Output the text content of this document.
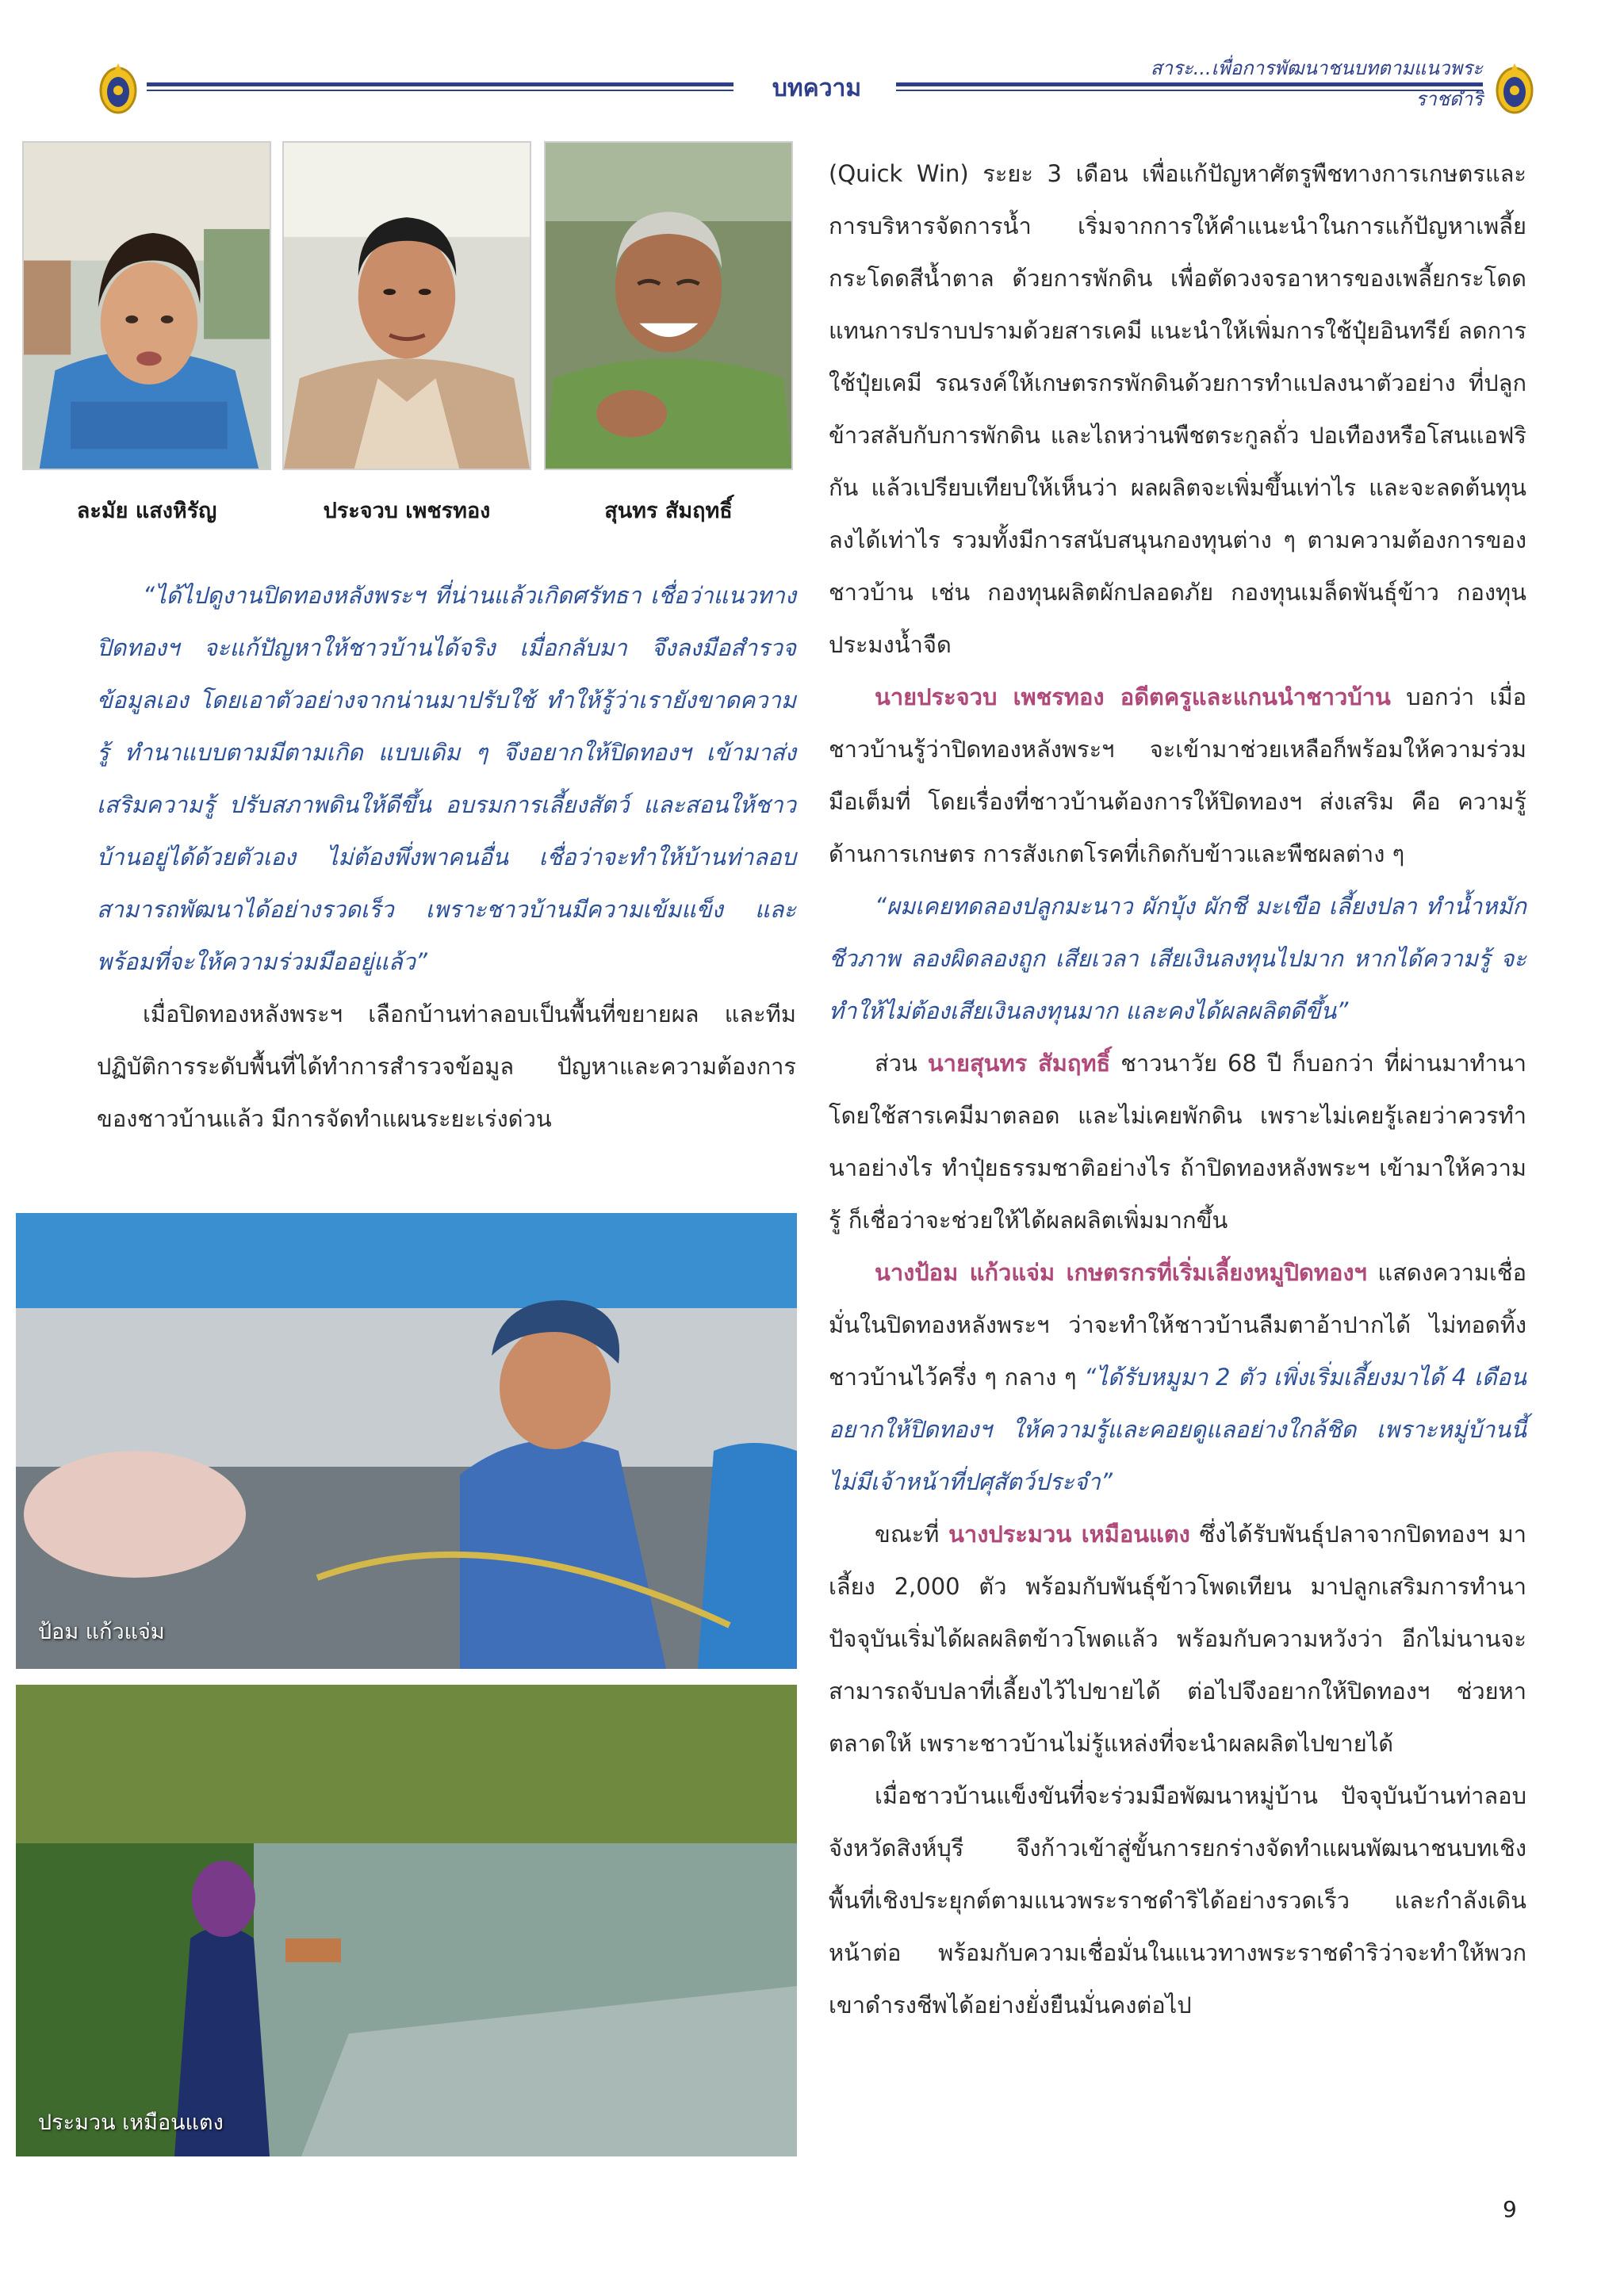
บทความ
สาระ...เพื่อการพัฒนาชนบทตามแนวพระราชดำริ
ละมัย แสงหิรัญ	ประจวบ เพชรทอง	สุนทร สัมฤทธิ์

“ได้ไปดูงานปิดทองหลังพระฯ ที่น่านแล้วเกิดศรัทธา เชื่อว่าแนวทางปิดทองฯ จะแก้ปัญหาให้ชาวบ้านได้จริง เมื่อกลับมา จึงลงมือสำรวจข้อมูลเอง โดยเอาตัวอย่างจากน่านมาปรับใช้ ทำให้รู้ว่าเรายังขาดความรู้ ทำนาแบบตามมีตามเกิด แบบเดิม ๆ จึงอยากให้ปิดทองฯ เข้ามาส่งเสริมความรู้ ปรับสภาพดินให้ดีขึ้น อบรมการเลี้ยงสัตว์ และสอนให้ชาวบ้านอยู่ได้ด้วยตัวเอง ไม่ต้องพึ่งพาคนอื่น เชื่อว่าจะทำให้บ้านท่าลอบสามารถพัฒนาได้อย่างรวดเร็ว เพราะชาวบ้านมีความเข้มแข็ง และพร้อมที่จะให้ความร่วมมืออยู่แล้ว”

เมื่อปิดทองหลังพระฯ เลือกบ้านท่าลอบเป็นพื้นที่ขยายผล และทีมปฏิบัติการระดับพื้นที่ได้ทำการสำรวจข้อมูล ปัญหาและความต้องการของชาวบ้านแล้ว มีการจัดทำแผนระยะเร่งด่วน

ป้อม แก้วแจ่ม
ประมวน เหมือนแตง

(Quick Win) ระยะ 3 เดือน เพื่อแก้ปัญหาศัตรูพืชทางการเกษตรและการบริหารจัดการน้ำ เริ่มจากการให้คำแนะนำในการแก้ปัญหาเพลี้ยกระโดดสีน้ำตาล ด้วยการพักดิน เพื่อตัดวงจรอาหารของเพลี้ยกระโดด แทนการปราบปรามด้วยสารเคมี แนะนำให้เพิ่มการใช้ปุ๋ยอินทรีย์ ลดการใช้ปุ๋ยเคมี รณรงค์ให้เกษตรกรพักดินด้วยการทำแปลงนาตัวอย่าง ที่ปลูกข้าวสลับกับการพักดิน และไถหว่านพืชตระกูลถั่ว ปอเทืองหรือโสนแอฟริกัน แล้วเปรียบเทียบให้เห็นว่า ผลผลิตจะเพิ่มขึ้นเท่าไร และจะลดต้นทุนลงได้เท่าไร รวมทั้งมีการสนับสนุนกองทุนต่าง ๆ ตามความต้องการของชาวบ้าน เช่น กองทุนผลิตผักปลอดภัย กองทุนเมล็ดพันธุ์ข้าว กองทุนประมงน้ำจืด

นายประจวบ เพชรทอง อดีตครูและแกนนำชาวบ้าน บอกว่า เมื่อชาวบ้านรู้ว่าปิดทองหลังพระฯ จะเข้ามาช่วยเหลือก็พร้อมให้ความร่วมมือเต็มที่ โดยเรื่องที่ชาวบ้านต้องการให้ปิดทองฯ ส่งเสริม คือ ความรู้ด้านการเกษตร การสังเกตโรคที่เกิดกับข้าวและพืชผลต่าง ๆ

“ผมเคยทดลองปลูกมะนาว ผักบุ้ง ผักชี มะเขือ เลี้ยงปลา ทำน้ำหมักชีวภาพ ลองผิดลองถูก เสียเวลา เสียเงินลงทุนไปมาก หากได้ความรู้ จะทำให้ไม่ต้องเสียเงินลงทุนมาก และคงได้ผลผลิตดีขึ้น”

ส่วน นายสุนทร สัมฤทธิ์ ชาวนาวัย 68 ปี ก็บอกว่า ที่ผ่านมาทำนาโดยใช้สารเคมีมาตลอด และไม่เคยพักดิน เพราะไม่เคยรู้เลยว่าควรทำนาอย่างไร ทำปุ๋ยธรรมชาติอย่างไร ถ้าปิดทองหลังพระฯ เข้ามาให้ความรู้ ก็เชื่อว่าจะช่วยให้ได้ผลผลิตเพิ่มมากขึ้น

นางป้อม แก้วแจ่ม เกษตรกรที่เริ่มเลี้ยงหมูปิดทองฯ แสดงความเชื่อมั่นในปิดทองหลังพระฯ ว่าจะทำให้ชาวบ้านลืมตาอ้าปากได้ ไม่ทอดทิ้งชาวบ้านไว้ครึ่ง ๆ กลาง ๆ “ได้รับหมูมา 2 ตัว เพิ่งเริ่มเลี้ยงมาได้ 4 เดือน อยากให้ปิดทองฯ ให้ความรู้และคอยดูแลอย่างใกล้ชิด เพราะหมู่บ้านนี้ไม่มีเจ้าหน้าที่ปศุสัตว์ประจำ”

ขณะที่ นางประมวน เหมือนแตง ซึ่งได้รับพันธุ์ปลาจากปิดทองฯ มาเลี้ยง 2,000 ตัว พร้อมกับพันธุ์ข้าวโพดเทียน มาปลูกเสริมการทำนา ปัจจุบันเริ่มได้ผลผลิตข้าวโพดแล้ว พร้อมกับความหวังว่า อีกไม่นานจะสามารถจับปลาที่เลี้ยงไว้ไปขายได้ ต่อไปจึงอยากให้ปิดทองฯ ช่วยหาตลาดให้ เพราะชาวบ้านไม่รู้แหล่งที่จะนำผลผลิตไปขายได้

เมื่อชาวบ้านแข็งขันที่จะร่วมมือพัฒนาหมู่บ้าน ปัจจุบันบ้านท่าลอบ จังหวัดสิงห์บุรี จึงก้าวเข้าสู่ขั้นการยกร่างจัดทำแผนพัฒนาชนบทเชิงพื้นที่เชิงประยุกต์ตามแนวพระราชดำริได้อย่างรวดเร็ว และกำลังเดินหน้าต่อ พร้อมกับความเชื่อมั่นในแนวทางพระราชดำริว่าจะทำให้พวกเขาดำรงชีพได้อย่างยั่งยืนมั่นคงต่อไป

9
